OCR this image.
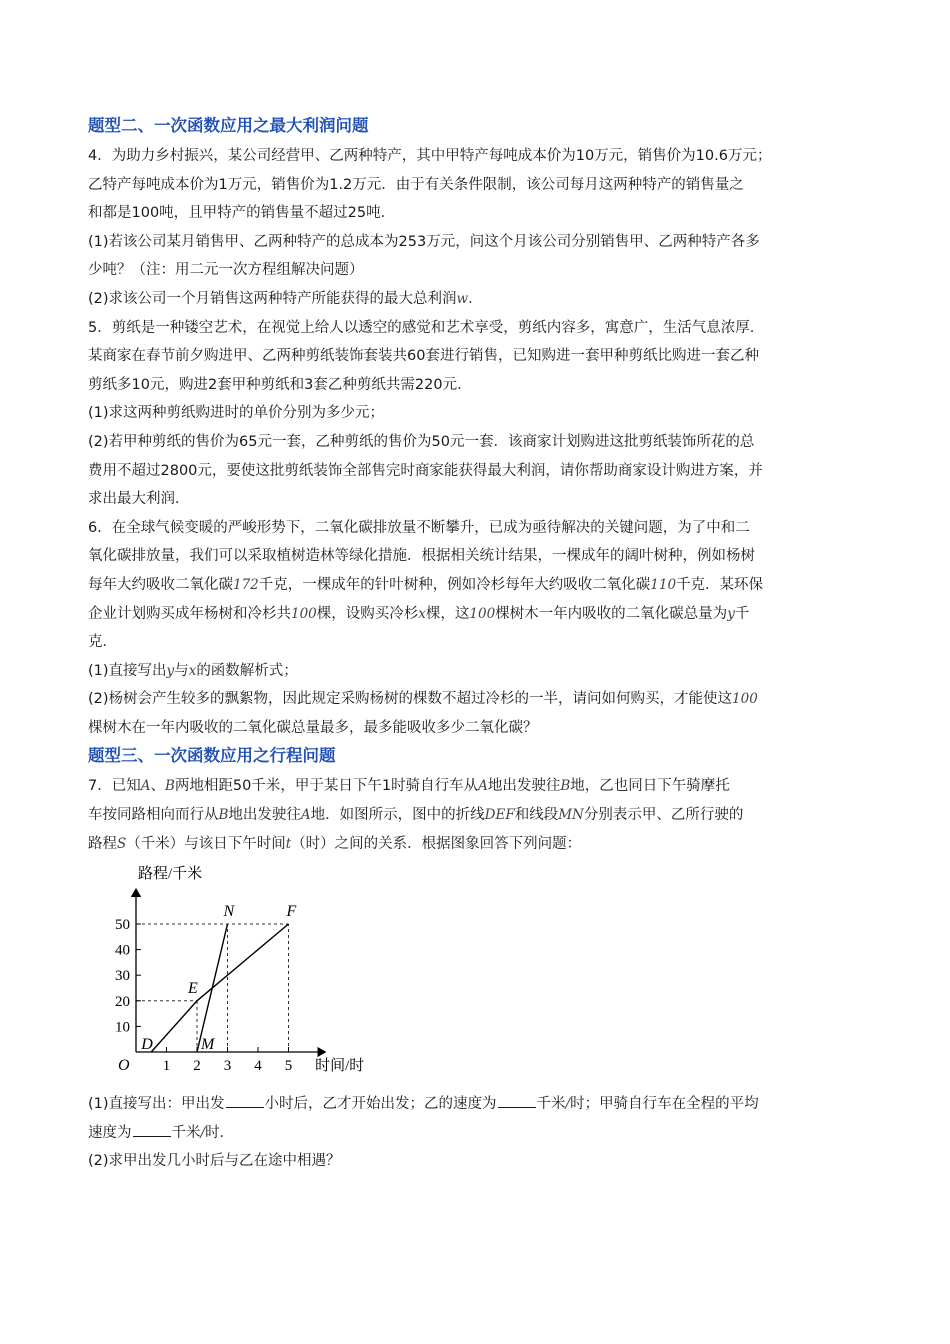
题型二、一次函数应用之最大利润问题

4．为助力乡村振兴，某公司经营甲、乙两种特产，其中甲特产每吨成本价为10万元，销售价为10.6万元；

乙特产每吨成本价为1万元，销售价为1.2万元．由于有关条件限制，该公司每月这两种特产的销售量之

和都是100吨，且甲特产的销售量不超过25吨．

(1)若该公司某月销售甲、乙两种特产的总成本为253万元，问这个月该公司分别销售甲、乙两种特产各多

少吨？（注：用二元一次方程组解决问题）

(2)求该公司一个月销售这两种特产所能获得的最大总利润w．

5．剪纸是一种镂空艺术，在视觉上给人以透空的感觉和艺术享受，剪纸内容多，寓意广，生活气息浓厚．

某商家在春节前夕购进甲、乙两种剪纸装饰套装共60套进行销售，已知购进一套甲种剪纸比购进一套乙种

剪纸多10元，购进2套甲种剪纸和3套乙种剪纸共需220元．

(1)求这两种剪纸购进时的单价分别为多少元；

(2)若甲种剪纸的售价为65元一套，乙种剪纸的售价为50元一套．该商家计划购进这批剪纸装饰所花的总

费用不超过2800元，要使这批剪纸装饰全部售完时商家能获得最大利润，请你帮助商家设计购进方案，并

求出最大利润．

6．在全球气候变暖的严峻形势下，二氧化碳排放量不断攀升，已成为亟待解决的关键问题，为了中和二

氧化碳排放量，我们可以采取植树造林等绿化措施．根据相关统计结果，一棵成年的阔叶树种，例如杨树

每年大约吸收二氧化碳172千克，一棵成年的针叶树种，例如冷杉每年大约吸收二氧化碳110千克．某环保

企业计划购买成年杨树和冷杉共100棵，设购买冷杉x棵，这100棵树木一年内吸收的二氧化碳总量为y千

克．

(1)直接写出y与x的函数解析式；

(2)杨树会产生较多的飘絮物，因此规定采购杨树的棵数不超过冷杉的一半，请问如何购买，才能使这100

棵树木在一年内吸收的二氧化碳总量最多，最多能吸收多少二氧化碳？

题型三、一次函数应用之行程问题

7．已知A、B两地相距50千米，甲于某日下午1时骑自行车从A地出发驶往B地，乙也同日下午骑摩托

车按同路相向而行从B地出发驶往A地．如图所示，图中的折线DEF和线段MN分别表示甲、乙所行驶的

路程S（千米）与该日下午时间t（时）之间的关系．根据图象回答下列问题：

1 2 3 4 5
10
20
30
40
50
O
路程/千米
时间/时
D
E
F
M
N

(1)直接写出：甲出发	小时后，乙才开始出发；乙的速度为	千米/时；甲骑自行车在全程的平均

速度为	千米/时．

(2)求甲出发几小时后与乙在途中相遇？
